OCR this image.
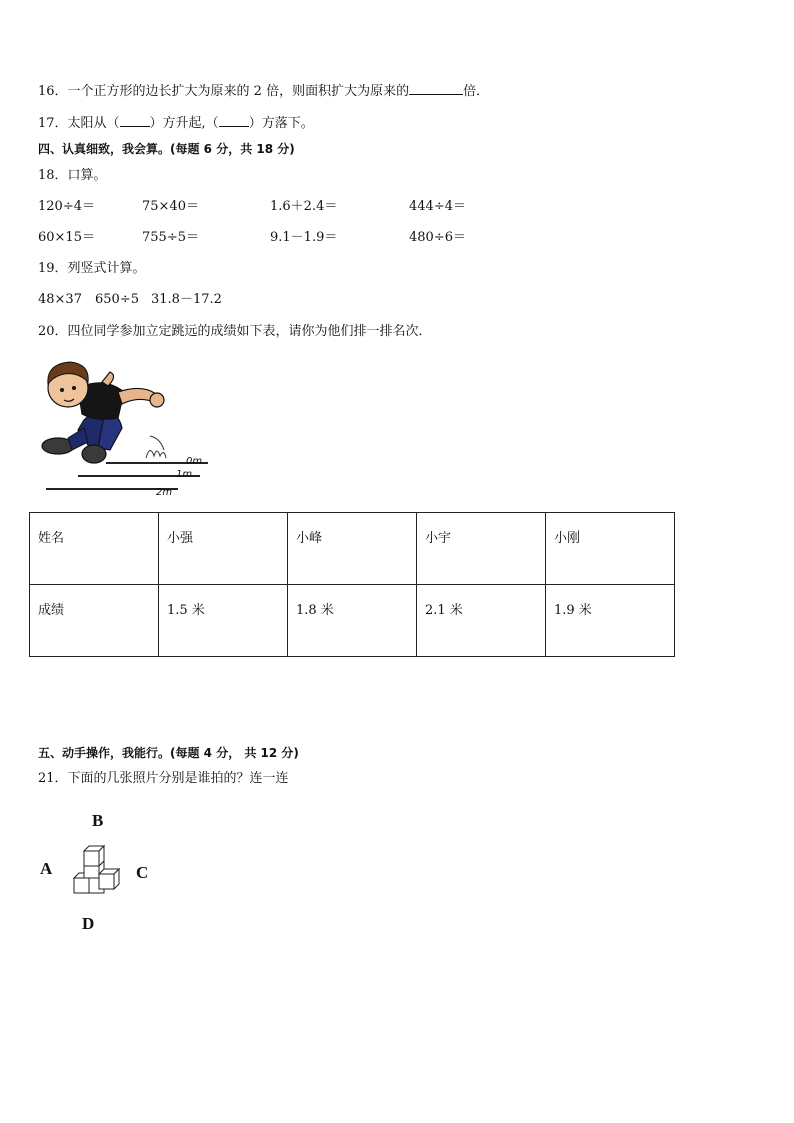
16．一个正方形的边长扩大为原来的 2 倍，则面积扩大为原来的	倍．
17．太阳从（ ）方升起,（ ）方落下。
四、认真细致，我会算。(每题 6 分，共 18 分)
18．口算。
120÷4＝	75×40＝	1.6＋2.4＝	444÷4＝
60×15＝	755÷5＝	9.1－1.9＝	480÷6＝
19．列竖式计算。
48×37 650÷5 31.8－17.2
20．四位同学参加立定跳远的成绩如下表，请你为他们排一排名次．
0m
1m
2m
姓名	小强	小峰	小宇	小刚
成绩	1.5 米	1.8 米	2.1 米	1.9 米
五、动手操作，我能行。(每题 4 分， 共 12 分)
21．下面的几张照片分别是谁拍的？连一连
B
A	C
D
